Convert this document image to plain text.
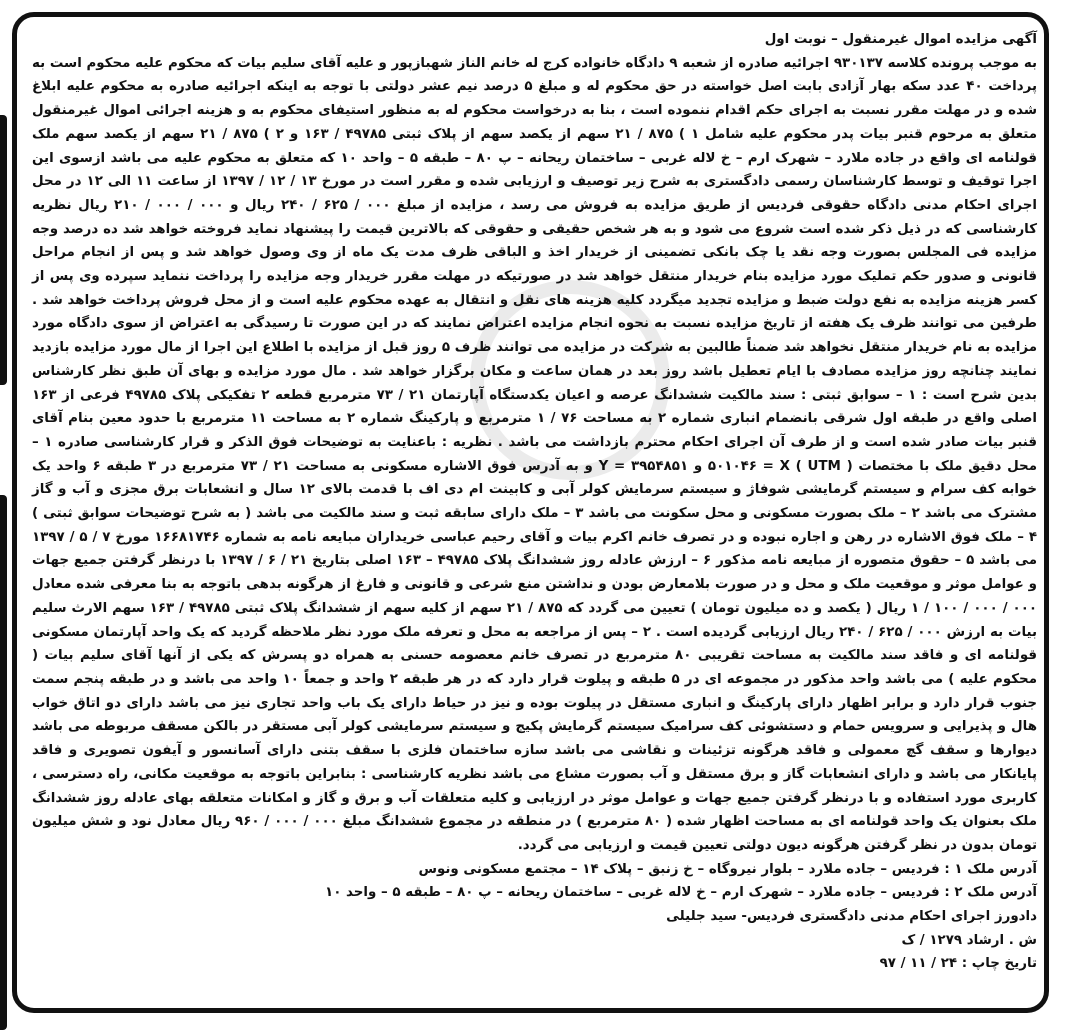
آگهی مزایده اموال غیرمنقول – نوبت اول

به موجب پرونده کلاسه ۹۳۰۱۳۷ اجرائیه صادره از شعبه ۹ دادگاه خانواده کرج له خانم الناز شهبازپور و علیه آقای سلیم بیات که محکوم علیه محکوم است به پرداخت ۴۰ عدد سکه بهار آزادی بابت اصل خواسته در حق محکوم له و مبلغ ۵ درصد نیم عشر دولتی با توجه به اینکه اجرائیه صادره به محکوم علیه ابلاغ شده و در مهلت مقرر نسبت به اجرای حکم اقدام ننموده است ، بنا به درخواست محکوم له به منظور استیفای محکوم به و هزینه اجرائی اموال غیرمنقول متعلق به مرحوم قنبر بیات پدر محکوم علیه شامل ۱ ) ۸۷۵ / ۲۱ سهم از یکصد سهم از پلاک ثبتی ۴۹۷۸۵ / ۱۶۳ و ۲ ) ۸۷۵ / ۲۱ سهم از یکصد سهم ملک قولنامه ای واقع در جاده ملارد – شهرک ارم – خ لاله غربی – ساختمان ریحانه – پ ۸۰ – طبقه ۵ – واحد ۱۰ که متعلق به محکوم علیه می باشد ازسوی این اجرا توقیف و توسط کارشناسان رسمی دادگستری به شرح زیر توصیف و ارزیابی شده و مقرر است در مورخ ۱۳ / ۱۲ / ۱۳۹۷ از ساعت ۱۱ الی ۱۲ در محل اجرای احکام مدنی دادگاه حقوقی فردیس از طریق مزایده به فروش می رسد ، مزایده از مبلغ ۰۰۰ / ۶۲۵ / ۲۴۰ ریال و ۰۰۰ / ۰۰۰ / ۲۱۰ ریال نظریه کارشناسی که در ذیل ذکر شده است شروع می شود و به هر شخص حقیقی و حقوقی که بالاترین قیمت را پیشنهاد نماید فروخته خواهد شد ده درصد وجه مزایده فی المجلس بصورت وجه نقد یا چک بانکی تضمینی از خریدار اخذ و الباقی ظرف مدت یک ماه از وی وصول خواهد شد و پس از انجام مراحل قانونی و صدور حکم تملیک مورد مزایده بنام خریدار منتقل خواهد شد در صورتیکه در مهلت مقرر خریدار وجه مزایده را پرداخت ننماید سپرده وی پس از کسر هزینه مزایده به نفع دولت ضبط و مزایده تجدید میگردد کلیه هزینه های نقل و انتقال به عهده محکوم علیه است و از محل فروش پرداخت خواهد شد . طرفین می توانند ظرف یک هفته از تاریخ مزایده نسبت به نحوه انجام مزایده اعتراض نمایند که در این صورت تا رسیدگی به اعتراض از سوی دادگاه مورد مزایده به نام خریدار منتقل نخواهد شد ضمناً طالبین به شرکت در مزایده می توانند ظرف ۵ روز قبل از مزایده با اطلاع این اجرا از مال مورد مزایده بازدید نمایند چنانچه روز مزایده مصادف با ایام تعطیل باشد روز بعد در همان ساعت و مکان برگزار خواهد شد . مال مورد مزایده و بهای آن طبق نظر کارشناس بدین شرح است : ۱ – سوابق ثبتی : سند مالکیت ششدانگ عرصه و اعیان یکدستگاه آپارتمان ۲۱ / ۷۳ مترمربع قطعه ۲ تفکیکی پلاک ۴۹۷۸۵ فرعی از ۱۶۳ اصلی واقع در طبقه اول شرقی بانضمام انباری شماره ۲ به مساحت ۷۶ / ۱ مترمربع و پارکینگ شماره ۲ به مساحت ۱۱ مترمربع با حدود معین بنام آقای قنبر بیات صادر شده است و از طرف آن اجرای احکام محترم بازداشت می باشد . نظریه : باعنایت به توضیحات فوق الذکر و قرار کارشناسی صادره ۱ – محل دقیق ملک با مختصات ( UTM ) ۵۰۱۰۴۶ = X و ۳۹۵۴۸۵۱ = Y و به آدرس فوق الاشاره مسکونی به مساحت ۲۱ / ۷۳ مترمربع در ۳ طبقه ۶ واحد یک خوابه کف سرام و سیستم گرمایشی شوفاژ و سیستم سرمایش کولر آبی و کابینت ام دی اف با قدمت بالای ۱۲ سال و انشعابات برق مجزی و آب و گاز مشترک می باشد ۲ – ملک بصورت مسکونی و محل سکونت می باشد ۳ – ملک دارای سابقه ثبت و سند مالکیت می باشد ( به شرح توضیحات سوابق ثبتی ) ۴ – ملک فوق الاشاره در رهن و اجاره نبوده و در تصرف خانم اکرم بیات و آقای رحیم عباسی خریداران مبایعه نامه به شماره ۱۶۶۸۱۷۴۶ مورخ ۷ / ۵ / ۱۳۹۷ می باشد ۵ – حقوق متصوره از مبایعه نامه مذکور ۶ – ارزش عادله روز ششدانگ پلاک ۴۹۷۸۵ – ۱۶۳ اصلی بتاریخ ۲۱ / ۶ / ۱۳۹۷ با درنظر گرفتن جمیع جهات و عوامل موثر و موقعیت ملک و محل و در صورت بلامعارض بودن و نداشتن منع شرعی و قانونی و فارغ از هرگونه بدهی باتوجه به بنا معرفی شده معادل ۰۰۰ / ۰۰۰ / ۱۰۰ / ۱ ریال ( یکصد و ده میلیون تومان ) تعیین می گردد که ۸۷۵ / ۲۱ سهم از کلیه سهم از ششدانگ پلاک ثبتی ۴۹۷۸۵ / ۱۶۳ سهم الارث سلیم بیات به ارزش ۰۰۰ / ۶۲۵ / ۲۴۰ ریال ارزیابی گردیده است . ۲ – پس از مراجعه به محل و تعرفه ملک مورد نظر ملاحظه گردید که یک واحد آپارتمان مسکونی قولنامه ای و فاقد سند مالکیت به مساحت تقریبی ۸۰ مترمربع در تصرف خانم معصومه حسنی به همراه دو پسرش که یکی از آنها آقای سلیم بیات ( محکوم علیه ) می باشد واحد مذکور در مجموعه ای در ۵ طبقه و پیلوت قرار دارد که در هر طبقه ۲ واحد و جمعاً ۱۰ واحد می باشد و در طبقه پنجم سمت جنوب قرار دارد و برابر اظهار دارای پارکینگ و انباری مستقل در پیلوت بوده و نیز در حیاط دارای یک باب واحد تجاری نیز می باشد دارای دو اتاق خواب هال و پذیرایی و سرویس حمام و دستشوئی کف سرامیک سیستم گرمایش پکیج و سیستم سرمایشی کولر آبی مستقر در بالکن مسقف مربوطه می باشد دیوارها و سقف گچ معمولی و فاقد هرگونه تزئینات و نقاشی می باشد سازه ساختمان فلزی با سقف بتنی دارای آسانسور و آیفون تصویری و فاقد پایانکار می باشد و دارای انشعابات گاز و برق مستقل و آب بصورت مشاع می باشد نظریه کارشناسی : بنابراین باتوجه به موقعیت مکانی، راه دسترسی ، کاربری مورد استفاده و با درنظر گرفتن جمیع جهات و عوامل موثر در ارزیابی و کلیه متعلقات آب و برق و گاز و امکانات متعلقه بهای عادله روز ششدانگ ملک بعنوان یک واحد قولنامه ای به مساحت اظهار شده ( ۸۰ مترمربع ) در منطقه در مجموع ششدانگ مبلغ ۰۰۰ / ۰۰۰ / ۹۶۰ ریال معادل نود و شش میلیون تومان بدون در نظر گرفتن هرگونه دیون دولتی تعیین قیمت و ارزیابی می گردد.

آدرس ملک ۱ : فردیس – جاده ملارد – بلوار نیروگاه – خ زنبق – پلاک ۱۴ – مجتمع مسکونی ونوس

آدرس ملک ۲ : فردیس – جاده ملارد – شهرک ارم – خ لاله غربی – ساختمان ریحانه – پ ۸۰ – طبقه ۵ – واحد ۱۰

دادورز اجرای احکام مدنی دادگستری فردیس- سید جلیلی

ش . ارشاد ۱۲۷۹ / ک

تاریخ چاپ : ۲۴ / ۱۱ / ۹۷
